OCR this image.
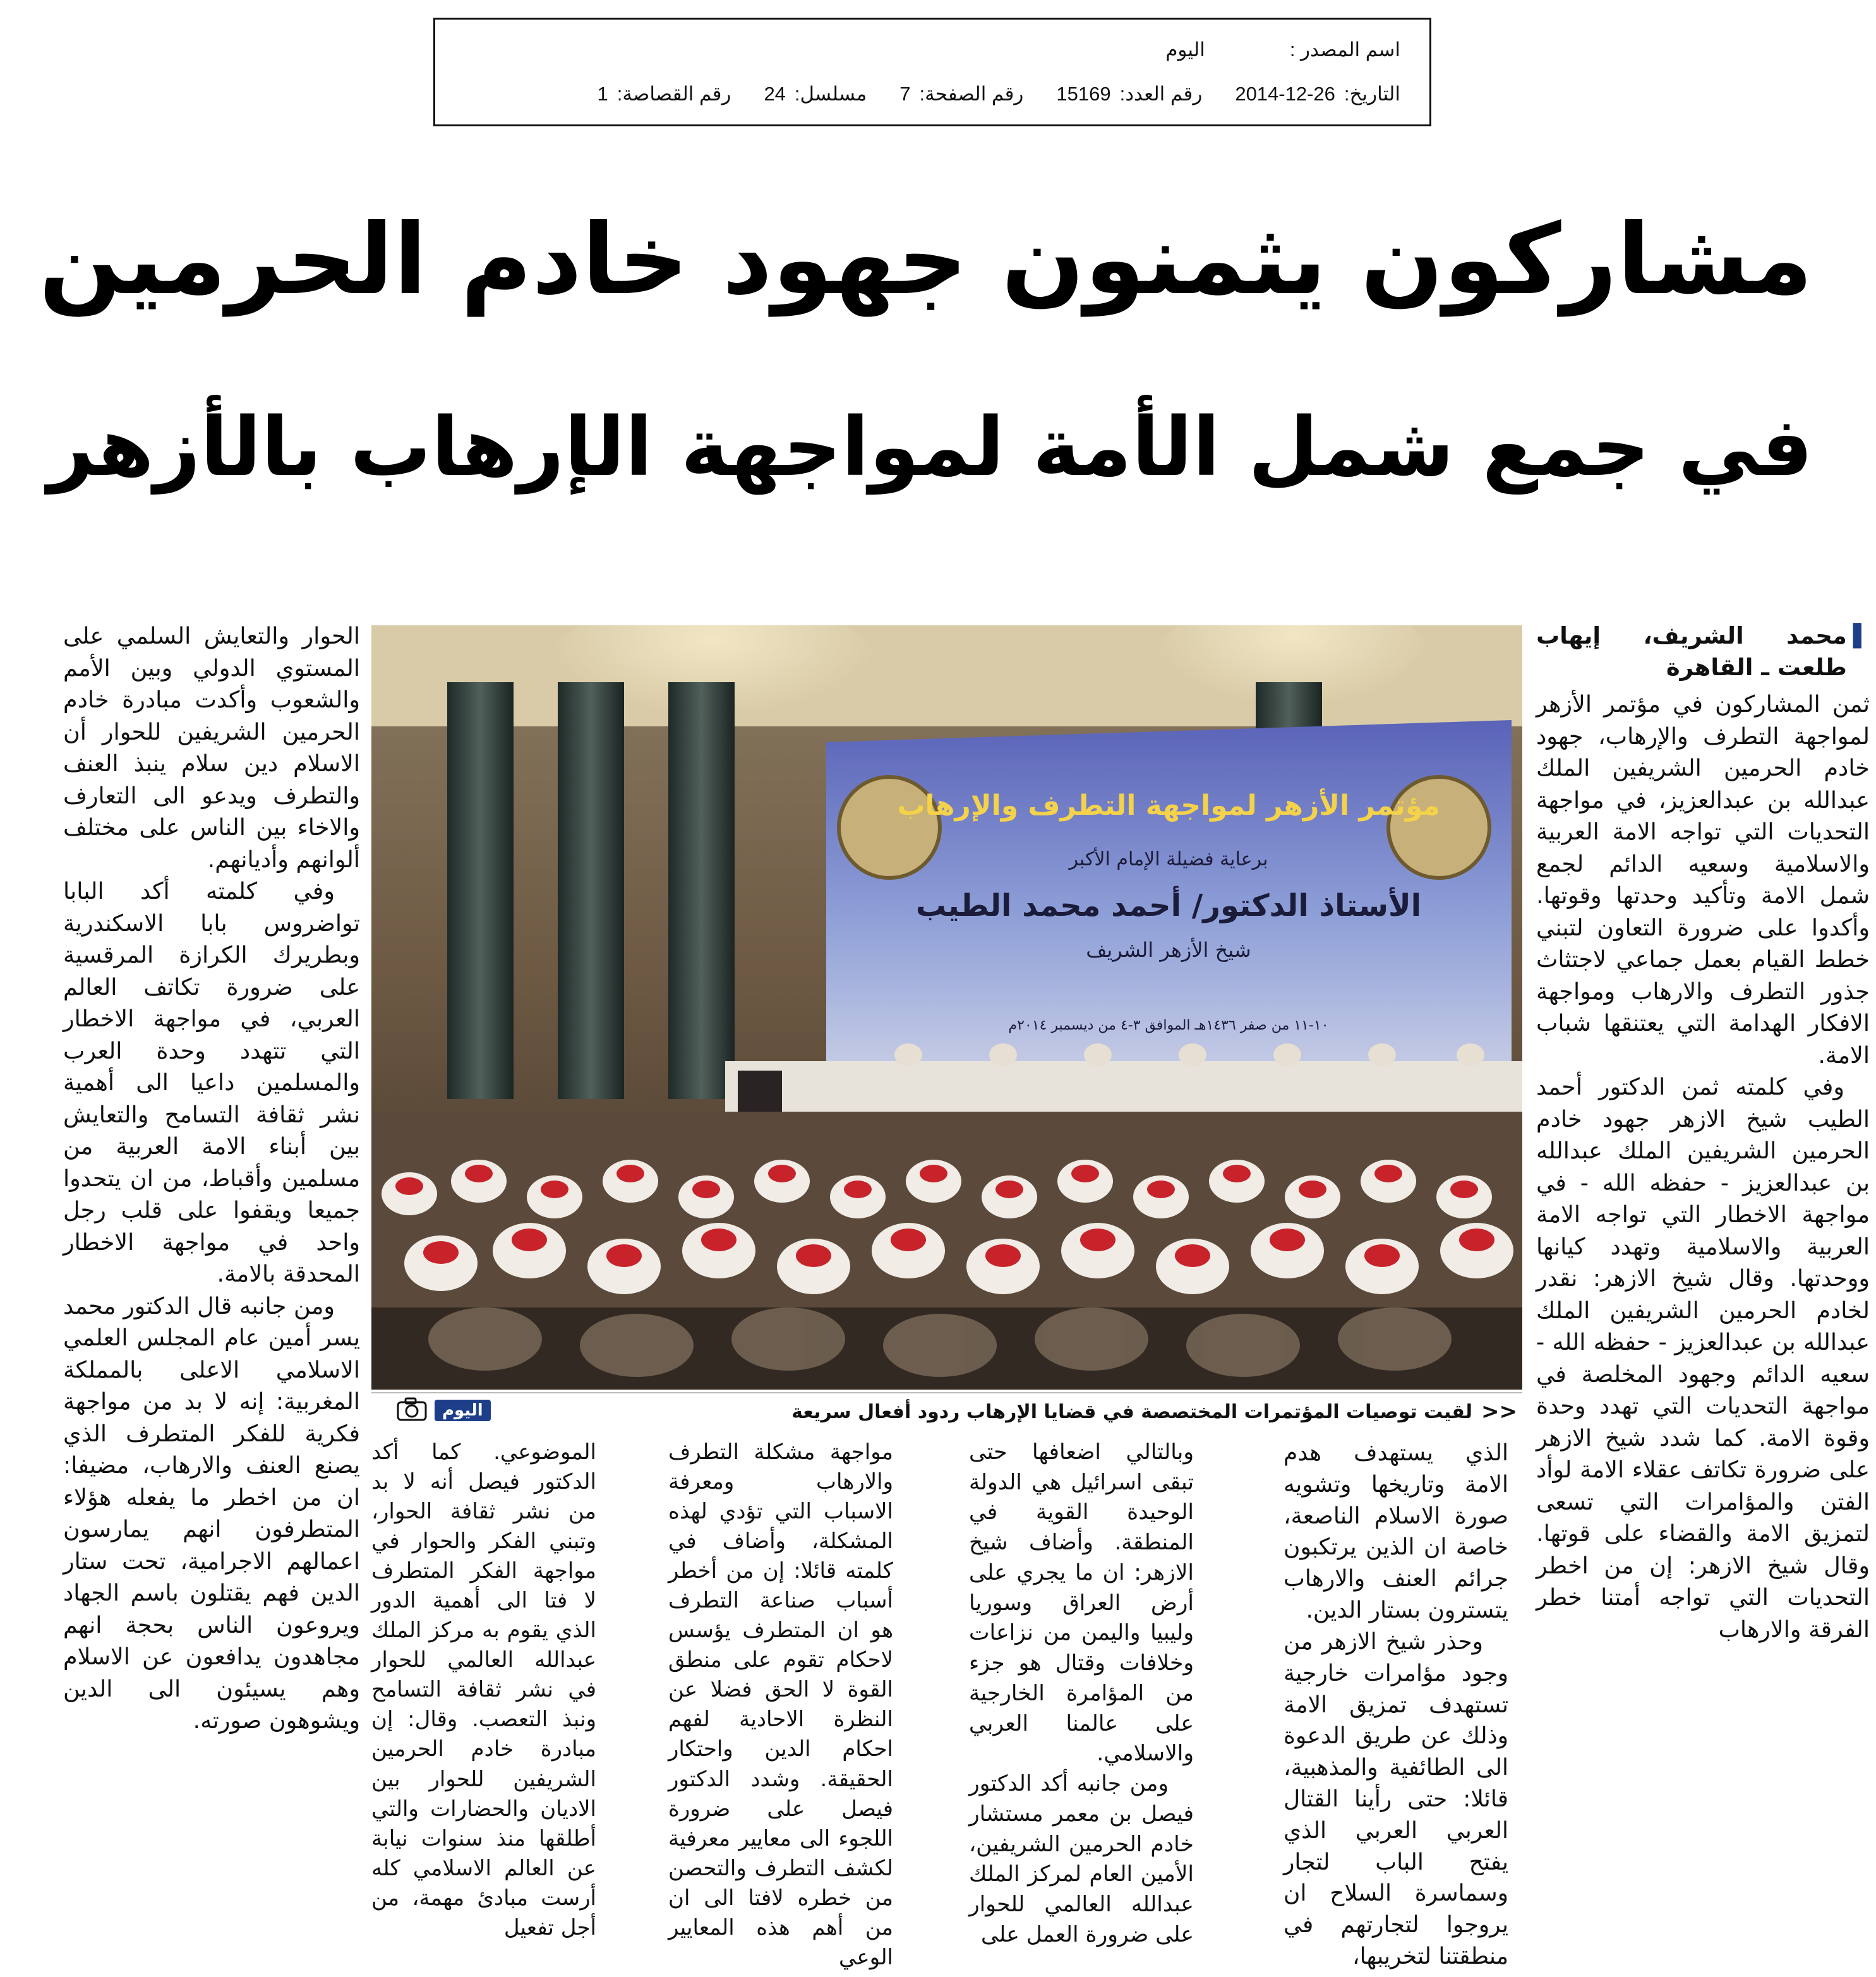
اسم المصدر :
اليوم
التاريخ:
2014-12-26
رقم العدد:
15169
رقم الصفحة:
7
مسلسل:
24
رقم القصاصة:
1
مشاركون يثمنون جهود خادم الحرمين
في جمع شمل الأمة لمواجهة الإرهاب بالأزهر
مؤتمر الأزهر لمواجهة التطرف والإرهاب
برعاية فضيلة الإمام الأكبر
الأستاذ الدكتور/ أحمد محمد الطيب
شيخ الأزهر الشريف
١٠-١١ من صفر ١٤٣٦هـ الموافق ٣-٤ من ديسمبر ٢٠١٤م
<<
لقيت توصيات المؤتمرات المختصصة في قضايا الإرهاب ردود أفعال سريعة
اليوم
▌
محمد الشريف، إيهاب طلعت ـ القاهرة

ثمن المشاركون في مؤتمر الأزهر لمواجهة التطرف والإرهاب، جهود خادم الحرمين الشريفين الملك عبدالله بن عبدالعزيز، في مواجهة التحديات التي تواجه الامة العربية والاسلامية وسعيه الدائم لجمع شمل الامة وتأكيد وحدتها وقوتها. وأكدوا على ضرورة التعاون لتبني خطط القيام بعمل جماعي لاجتثاث جذور التطرف والارهاب ومواجهة الافكار الهدامة التي يعتنقها شباب الامة.

وفي كلمته ثمن الدكتور أحمد الطيب شيخ الازهر جهود خادم الحرمين الشريفين الملك عبدالله بن عبدالعزيز - حفظه الله - في مواجهة الاخطار التي تواجه الامة العربية والاسلامية وتهدد كيانها ووحدتها. وقال شيخ الازهر: نقدر لخادم الحرمين الشريفين الملك عبدالله بن عبدالعزيز - حفظه الله - سعيه الدائم وجهود المخلصة في مواجهة التحديات التي تهدد وحدة وقوة الامة. كما شدد شيخ الازهر على ضرورة تكاتف عقلاء الامة لوأد الفتن والمؤامرات التي تسعى لتمزيق الامة والقضاء على قوتها. وقال شيخ الازهر: إن من اخطر التحديات التي تواجه أمتنا خطر الفرقة والارهاب

الذي يستهدف هدم الامة وتاريخها وتشويه صورة الاسلام الناصعة، خاصة ان الذين يرتكبون جرائم العنف والارهاب يتسترون بستار الدين.

وحذر شيخ الازهر من وجود مؤامرات خارجية تستهدف تمزيق الامة وذلك عن طريق الدعوة الى الطائفية والمذهبية، قائلا: حتى رأينا القتال العربي العربي الذي يفتح الباب لتجار وسماسرة السلاح ان يروجوا لتجارتهم في منطقتنا لتخريبها،

وبالتالي اضعافها حتى تبقى اسرائيل هي الدولة الوحيدة القوية في المنطقة. وأضاف شيخ الازهر: ان ما يجري على أرض العراق وسوريا وليبيا واليمن من نزاعات وخلافات وقتال هو جزء من المؤامرة الخارجية على عالمنا العربي والاسلامي.

ومن جانبه أكد الدكتور فيصل بن معمر مستشار خادم الحرمين الشريفين، الأمين العام لمركز الملك عبدالله العالمي للحوار على ضرورة العمل على

مواجهة مشكلة التطرف والارهاب ومعرفة الاسباب التي تؤدي لهذه المشكلة، وأضاف في كلمته قائلا: إن من أخطر أسباب صناعة التطرف هو ان المتطرف يؤسس لاحكام تقوم على منطق القوة لا الحق فضلا عن النظرة الاحادية لفهم احكام الدين واحتكار الحقيقة. وشدد الدكتور فيصل على ضرورة اللجوء الى معايير معرفية لكشف التطرف والتحصن من خطره لافتا الى ان من أهم هذه المعايير الوعي

الموضوعي. كما أكد الدكتور فيصل أنه لا بد من نشر ثقافة الحوار، وتبني الفكر والحوار في مواجهة الفكر المتطرف لا فتا الى أهمية الدور الذي يقوم به مركز الملك عبدالله العالمي للحوار في نشر ثقافة التسامح ونبذ التعصب. وقال: إن مبادرة خادم الحرمين الشريفين للحوار بين الاديان والحضارات والتي أطلقها منذ سنوات نيابة عن العالم الاسلامي كله أرست مبادئ مهمة، من أجل تفعيل

الحوار والتعايش السلمي على المستوي الدولي وبين الأمم والشعوب وأكدت مبادرة خادم الحرمين الشريفين للحوار أن الاسلام دين سلام ينبذ العنف والتطرف ويدعو الى التعارف والاخاء بين الناس على مختلف ألوانهم وأديانهم.

وفي كلمته أكد البابا تواضروس بابا الاسكندرية وبطريرك الكرازة المرقسية على ضرورة تكاتف العالم العربي، في مواجهة الاخطار التي تتهدد وحدة العرب والمسلمين داعيا الى أهمية نشر ثقافة التسامح والتعايش بين أبناء الامة العربية من مسلمين وأقباط، من ان يتحدوا جميعا ويقفوا على قلب رجل واحد في مواجهة الاخطار المحدقة بالامة.

ومن جانبه قال الدكتور محمد يسر أمين عام المجلس العلمي الاسلامي الاعلى بالمملكة المغربية: إنه لا بد من مواجهة فكرية للفكر المتطرف الذي يصنع العنف والارهاب، مضيفا: ان من اخطر ما يفعله هؤلاء المتطرفون انهم يمارسون اعمالهم الاجرامية، تحت ستار الدين فهم يقتلون باسم الجهاد ويروعون الناس بحجة انهم مجاهدون يدافعون عن الاسلام وهم يسيئون الى الدين ويشوهون صورته.
